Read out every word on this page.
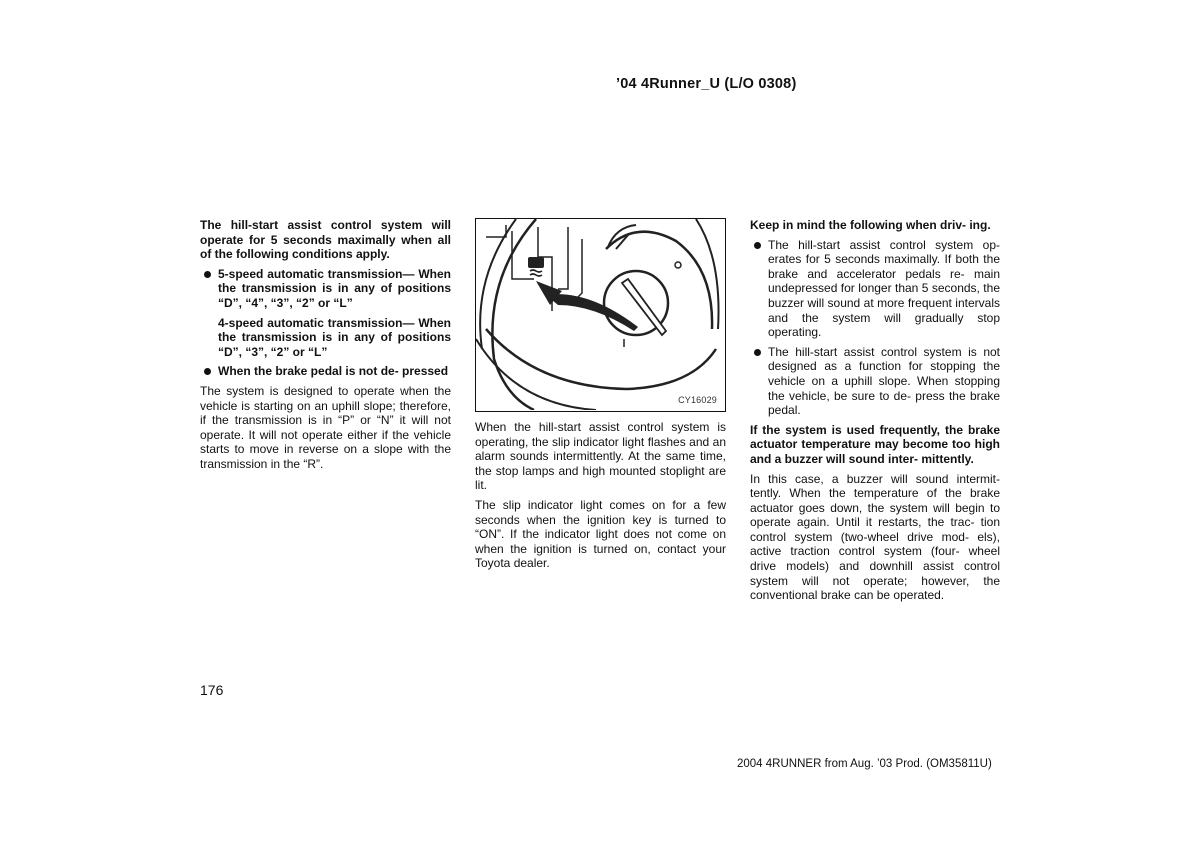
’04 4Runner_U (L/O 0308)

The hill‑start assist control system will operate for 5 seconds maximally when all of the following conditions apply.

5‑speed automatic transmission— When the transmission is in any of positions “D”, “4”, “3”, “2” or “L”
4‑speed automatic transmission— When the transmission is in any of positions “D”, “3”, “2” or “L”
When the brake pedal is not de‑ pressed

The system is designed to operate when the vehicle is starting on an uphill slope; therefore, if the transmission is in “P” or “N” it will not operate. It will not operate either if the vehicle starts to move in reverse on a slope with the transmission in the “R”.

CY16029

When the hill‑start assist control system is operating, the slip indicator light flashes and an alarm sounds intermittently. At the same time, the stop lamps and high mounted stoplight are lit.

The slip indicator light comes on for a few seconds when the ignition key is turned to “ON”. If the indicator light does not come on when the ignition is turned on, contact your Toyota dealer.

Keep in mind the following when driv‑ ing.

The hill‑start assist control system op‑ erates for 5 seconds maximally. If both the brake and accelerator pedals re‑ main undepressed for longer than 5 seconds, the buzzer will sound at more frequent intervals and the system will gradually stop operating.
The hill‑start assist control system is not designed as a function for stopping the vehicle on a uphill slope. When stopping the vehicle, be sure to de‑ press the brake pedal.

If the system is used frequently, the brake actuator temperature may become too high and a buzzer will sound inter‑ mittently.

In this case, a buzzer will sound intermit‑ tently. When the temperature of the brake actuator goes down, the system will begin to operate again. Until it restarts, the trac‑ tion control system (two‑wheel drive mod‑ els), active traction control system (four‑ wheel drive models) and downhill assist control system will not operate; however, the conventional brake can be operated.

176
2004 4RUNNER from Aug. ’03 Prod. (OM35811U)
